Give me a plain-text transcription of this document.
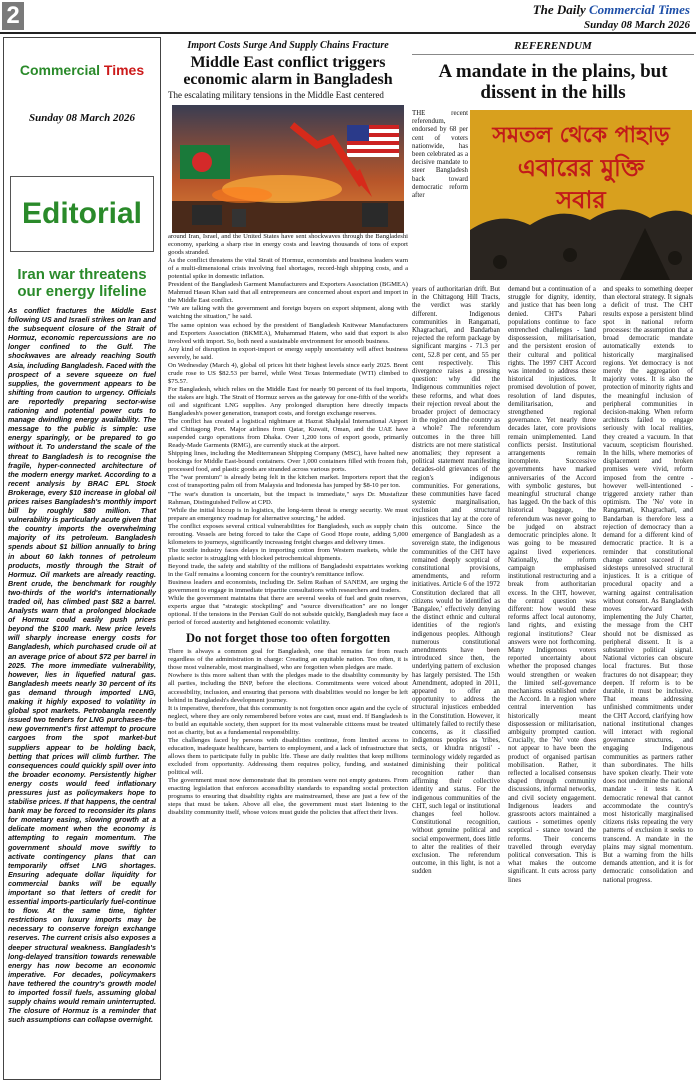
2	The Daily Commercial Times
Sunday 08 March 2026
Commercial Times
Sunday 08 March 2026
Editorial
Iran war threatens our energy lifeline
As conflict fractures the Middle East following US and Israeli strikes on Iran and the subsequent closure of the Strait of Hormuz, economic repercussions are no longer confined to the Gulf. The shockwaves are already reaching South Asia, including Bangladesh. Faced with the prospect of a severe squeeze on fuel supplies, the government appears to be shifting from caution to urgency. Officials are reportedly preparing sector-wise rationing and potential power cuts to manage dwindling energy availability. The message to the public is simple: use energy sparingly, or be prepared to go without it. To understand the scale of the threat to Bangladesh is to recognise the fragile, hyper-connected architecture of the modern energy market. According to a recent analysis by BRAC EPL Stock Brokerage, every $10 increase in global oil prices raises Bangladesh's monthly import bill by roughly $80 million. That vulnerability is particularly acute given that the country imports the overwhelming majority of its petroleum. Bangladesh spends about $1 billion annually to bring in about 60 lakh tonnes of petroleum products, mostly through the Strait of Hormuz. Oil markets are already reacting. Brent crude, the benchmark for roughly two-thirds of the world's internationally traded oil, has climbed past $82 a barrel. Analysts warn that a prolonged blockade of Hormuz could easily push prices beyond the $100 mark. New price levels will sharply increase energy costs for Bangladesh, which purchased crude oil at an average price of about $72 per barrel in 2025. The more immediate vulnerability, however, lies in liquefied natural gas. Bangladesh meets nearly 30 percent of its gas demand through imported LNG, making it highly exposed to volatility in global spot markets. Petrobangla recently issued two tenders for LNG purchases-the new government's first attempt to procure cargoes from the spot market-but suppliers appear to be holding back, betting that prices will climb further. The consequences could quickly spill over into the broader economy. Persistently higher energy costs would feed inflationary pressures just as policymakers hope to stabilise prices. If that happens, the central bank may be forced to reconsider its plans for monetary easing, slowing growth at a delicate moment when the economy is attempting to regain momentum. The government should move swiftly to activate contingency plans that can temporarily offset LNG shortages. Ensuring adequate dollar liquidity for commercial banks will be equally important so that letters of credit for essential imports-particularly fuel-continue to flow. At the same time, tighter restrictions on luxury imports may be necessary to conserve foreign exchange reserves. The current crisis also exposes a deeper structural weakness. Bangladesh's long-delayed transition towards renewable energy has now become an economic imperative. For decades, policymakers have tethered the country's growth model to imported fossil fuels, assuming global supply chains would remain uninterrupted. The closure of Hormuz is a reminder that such assumptions can collapse overnight.
Import Costs Surge And Supply Chains Fracture
Middle East conflict triggers economic alarm in Bangladesh
The escalating military tensions in the Middle East centered

around Iran, Israel, and the United States have sent shockwaves through the Bangladeshi economy, sparking a sharp rise in energy costs and leaving thousands of tons of export goods stranded.

As the conflict threatens the vital Strait of Hormuz, economists and business leaders warn of a multi-dimensional crisis involving fuel shortages, record-high shipping costs, and a potential spike in domestic inflation.

President of the Bangladesh Garment Manufacturers and Exporters Association (BGMEA) Mahmud Hasan Khan said that all entrepreneurs are concerned about export and import in the Middle East conflict.

"We are talking with the government and foreign buyers on export shipment, along with watching the situation," he said.

The same opinion was echoed by the president of Bangladesh Knitwear Manufacturers and Exporters Association (BKMEA), Muhammad Hatem, who said that export is also involved with import. So, both need a sustainable environment for smooth business.

Any kind of disruption in export-import or energy supply uncertainty will affect business severely, he said.

On Wednesday (March 4), global oil prices hit their highest levels since early 2025. Brent crude rose to US $82.53 per barrel, while West Texas Intermediate (WTI) climbed to $75.57.

For Bangladesh, which relies on the Middle East for nearly 90 percent of its fuel imports, the stakes are high. The Strait of Hormuz serves as the gateway for one-fifth of the world's oil and significant LNG supplies. Any prolonged disruption here directly impacts Bangladesh's power generation, transport costs, and foreign exchange reserves.

The conflict has created a logistical nightmare at Hazrat Shahjalal International Airport and Chittagong Port. Major airlines from Qatar, Kuwait, Oman, and the UAE have suspended cargo operations from Dhaka. Over 1,200 tons of export goods, primarily Ready-Made Garments (RMG), are currently stuck at the airport.

Shipping lines, including the Mediterranean Shipping Company (MSC), have halted new bookings for Middle East-bound containers. Over 1,000 containers filled with frozen fish, processed food, and plastic goods are stranded across various ports.

The "war premium" is already being felt in the kitchen market. Importers report that the cost of transporting palm oil from Malaysia and Indonesia has jumped by $8-10 per ton.

"The war's duration is uncertain, but the impact is immediate," says Dr. Mustafizur Rahman, Distinguished Fellow at CPD.

"While the initial hiccup is in logistics, the long-term threat is energy security. We must prepare an emergency roadmap for alternative sourcing," he added.

The conflict exposes several critical vulnerabilities for Bangladesh, such as supply chain rerouting. Vessels are being forced to take the Cape of Good Hope route, adding 5,000 kilometers to journeys, significantly increasing freight charges and delivery times.

The textile industry faces delays in importing cotton from Western markets, while the plastic sector is struggling with blocked petrochemical shipments.

Beyond trade, the safety and stability of the millions of Bangladeshi expatriates working in the Gulf remains a looming concern for the country's remittance inflow.

Business leaders and economists, including Dr. Selim Raihan of SANEM, are urging the government to engage in immediate tripartite consultations with researchers and traders.

While the government maintains that there are several weeks of fuel and grain reserves, experts argue that "strategic stockpiling" and "source diversification" are no longer optional. If the tensions in the Persian Gulf do not subside quickly, Bangladesh may face a period of forced austerity and heightened economic volatility.

Do not forget those too often forgotten

There is always a common goal for Bangladesh, one that remains far from reach regardless of the administration in charge: Creating an equitable nation. Too often, it is those most vulnerable, most marginalised, who are forgotten when pledges are made.

Nowhere is this more salient than with the pledges made to the disability community by all parties, including the BNP, before the elections. Commitments were voiced about accessibility, inclusion, and ensuring that persons with disabilities would no longer be left behind in Bangladesh's development journey.

It is imperative, therefore, that this community is not forgotten once again and the cycle of neglect, where they are only remembered before votes are cast, must end. If Bangladesh is to build an equitable society, then support for its most vulnerable citizens must be treated not as charity, but as a fundamental responsibility.

The challenges faced by persons with disabilities continue, from limited access to education, inadequate healthcare, barriers to employment, and a lack of infrastructure that allows them to participate fully in public life. These are daily realities that keep millions excluded from opportunity. Addressing them requires policy, funding, and sustained political will.

The government must now demonstrate that its promises were not empty gestures. From enacting legislation that enforces accessibility standards to expanding social protection programs to ensuring that disability rights are mainstreamed, these are just a few of the steps that must be taken. Above all else, the government must start listening to the disability community itself, whose voices must guide the policies that affect their lives.

REFERENDUM
A mandate in the plains, but dissent in the hills
সমতল থেকে পাহাড়
এবারের মুক্তি
সবার

THE recent referendum, endorsed by 68 per cent of voters nationwide, has been celebrated as a decisive mandate to steer Bangladesh back toward democratic reform after

years of authoritarian drift. But in the Chittagong Hill Tracts, the verdict was starkly different. Indigenous communities in Rangamati, Khagrachari, and Bandarban rejected the reform package by significant margins - 71.3 per cent, 52.8 per cent, and 55 per cent respectively. This divergence raises a pressing question: why did the Indigenous communities reject these reforms, and what does their rejection reveal about the broader project of democracy in the region and the country as a whole? The referendum outcomes in the three hill districts are not mere statistical anomalies; they represent a political statement manifesting decades-old grievances of the region's indigenous communities. For generations, these communities have faced systemic marginalisation, exclusion and structural injustices that lay at the core of this outcome. Since the emergence of Bangladesh as a sovereign state, the indigenous communities of the CHT have remained deeply sceptical of constitutional provisions, amendments, and reform initiatives. Article 6 of the 1972 Constitution declared that all citizens would be identified as 'Bangalee,' effectively denying the distinct ethnic and cultural identities of the region's indigenous peoples. Although numerous constitutional amendments have been introduced since then, the underlying pattern of exclusion has largely persisted. The 15th Amendment, adopted in 2011, appeared to offer an opportunity to address the structural injustices embedded in the Constitution. However, it ultimately failed to rectify these concerns, as it classified indigenous peoples as 'tribes, sects, or khudra nrigosti' - terminology widely regarded as diminishing their political recognition rather than affirming their collective identity and status. For the indigenous communities of the CHT, such legal or institutional changes feel hollow. Constitutional recognition, without genuine political and social empowerment, does little to alter the realities of their exclusion. The referendum outcome, in this light, is not a sudden

demand but a continuation of a struggle for dignity, identity, and justice that has been long denied. CHT's Pahari populations continue to face entrenched challenges - land dispossession, militarisation, and the persistent erosion of their cultural and political rights. The 1997 CHT Accord was intended to address these historical injustices. It promised devolution of power, resolution of land disputes, demilitarisation, and strengthened regional governance. Yet nearly three decades later, core provisions remain unimplemented. Land conflicts persist. Institutional arrangements remain incomplete. Successive governments have marked anniversaries of the Accord with symbolic gestures, but meaningful structural change has lagged. On the back of this historical baggage, the referendum was never going to be judged on abstract democratic principles alone. It was going to be measured against lived experiences. Nationally, the reform campaign emphasised institutional restructuring and a break from authoritarian excess. In the CHT, however, the central question was different: how would these reforms affect local autonomy, land rights, and existing regional institutions? Clear answers were not forthcoming. Many Indigenous voters reported uncertainty about whether the proposed changes would strengthen or weaken the limited self-governance mechanisms established under the Accord. In a region where central intervention has historically meant dispossession or militarisation, ambiguity prompted caution. Crucially, the 'No' vote does not appear to have been the product of organised partisan mobilisation. Rather, it reflected a localised consensus shaped through community discussions, informal networks, and civil society engagement. Indigenous leaders and grassroots actors maintained a cautious - sometimes openly sceptical - stance toward the reforms. Their concerns travelled through everyday political conversation. This is what makes the outcome significant. It cuts across party lines

and speaks to something deeper than electoral strategy. It signals a deficit of trust. The CHT results expose a persistent blind spot in national reform processes: the assumption that a broad democratic mandate automatically extends to historically marginalised regions. Yet democracy is not merely the aggregation of majority votes. It is also the protection of minority rights and the meaningful inclusion of peripheral communities in decision-making. When reform architects failed to engage seriously with local realities, they created a vacuum. In that vacuum, scepticism flourished. In the hills, where memories of displacement and broken promises were vivid, reform imposed from the centre - however well-intentioned -triggered anxiety rather than optimism. The 'No' vote in Rangamati, Khagrachari, and Bandarban is therefore less a rejection of democracy than a demand for a different kind of democratic practice. It is a reminder that constitutional change cannot succeed if it sidesteps unresolved structural injustices. It is a critique of procedural opacity and a warning against centralisation without consent. As Bangladesh moves forward with implementing the July Charter, the message from the CHT should not be dismissed as peripheral dissent. It is a substantive political signal. National victories can obscure local fractures. But those fractures do not disappear; they deepen. If reform is to be durable, it must be inclusive. That means addressing unfinished commitments under the CHT Accord, clarifying how national institutional changes will interact with regional governance structures, and engaging Indigenous communities as partners rather than subordinates. The hills have spoken clearly. Their vote does not undermine the national mandate - it tests it. A democratic renewal that cannot accommodate the country's most historically marginalised citizens risks repeating the very patterns of exclusion it seeks to transcend. A mandate in the plains may signal momentum. But a warning from the hills demands attention, and it is for democratic consolidation and national progress.
